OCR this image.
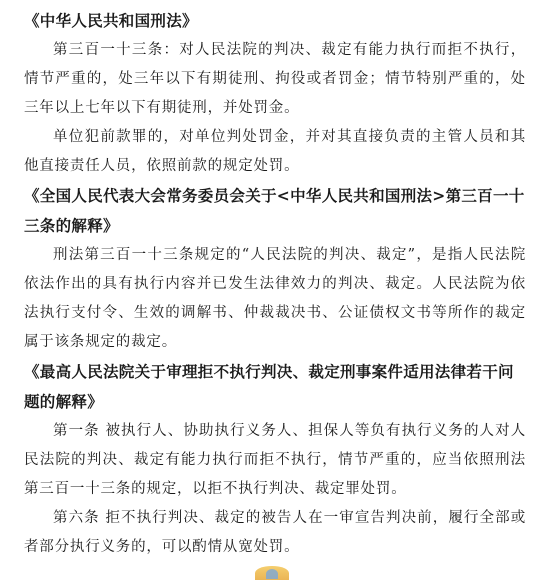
《中华人民共和国刑法》

第三百一十三条：对人民法院的判决、裁定有能力执行而拒不执行，情节严重的，处三年以下有期徒刑、拘役或者罚金；情节特别严重的，处三年以上七年以下有期徒刑，并处罚金。

单位犯前款罪的，对单位判处罚金，并对其直接负责的主管人员和其他直接责任人员，依照前款的规定处罚。

《全国人民代表大会常务委员会关于<中华人民共和国刑法>第三百一十三条的解释》

刑法第三百一十三条规定的“人民法院的判决、裁定”，是指人民法院依法作出的具有执行内容并已发生法律效力的判决、裁定。人民法院为依法执行支付令、生效的调解书、仲裁裁决书、公证债权文书等所作的裁定属于该条规定的裁定。

《最高人民法院关于审理拒不执行判决、裁定刑事案件适用法律若干问题的解释》

第一条 被执行人、协助执行义务人、担保人等负有执行义务的人对人民法院的判决、裁定有能力执行而拒不执行，情节严重的，应当依照刑法第三百一十三条的规定，以拒不执行判决、裁定罪处罚。

第六条 拒不执行判决、裁定的被告人在一审宣告判决前，履行全部或者部分执行义务的，可以酌情从宽处罚。
